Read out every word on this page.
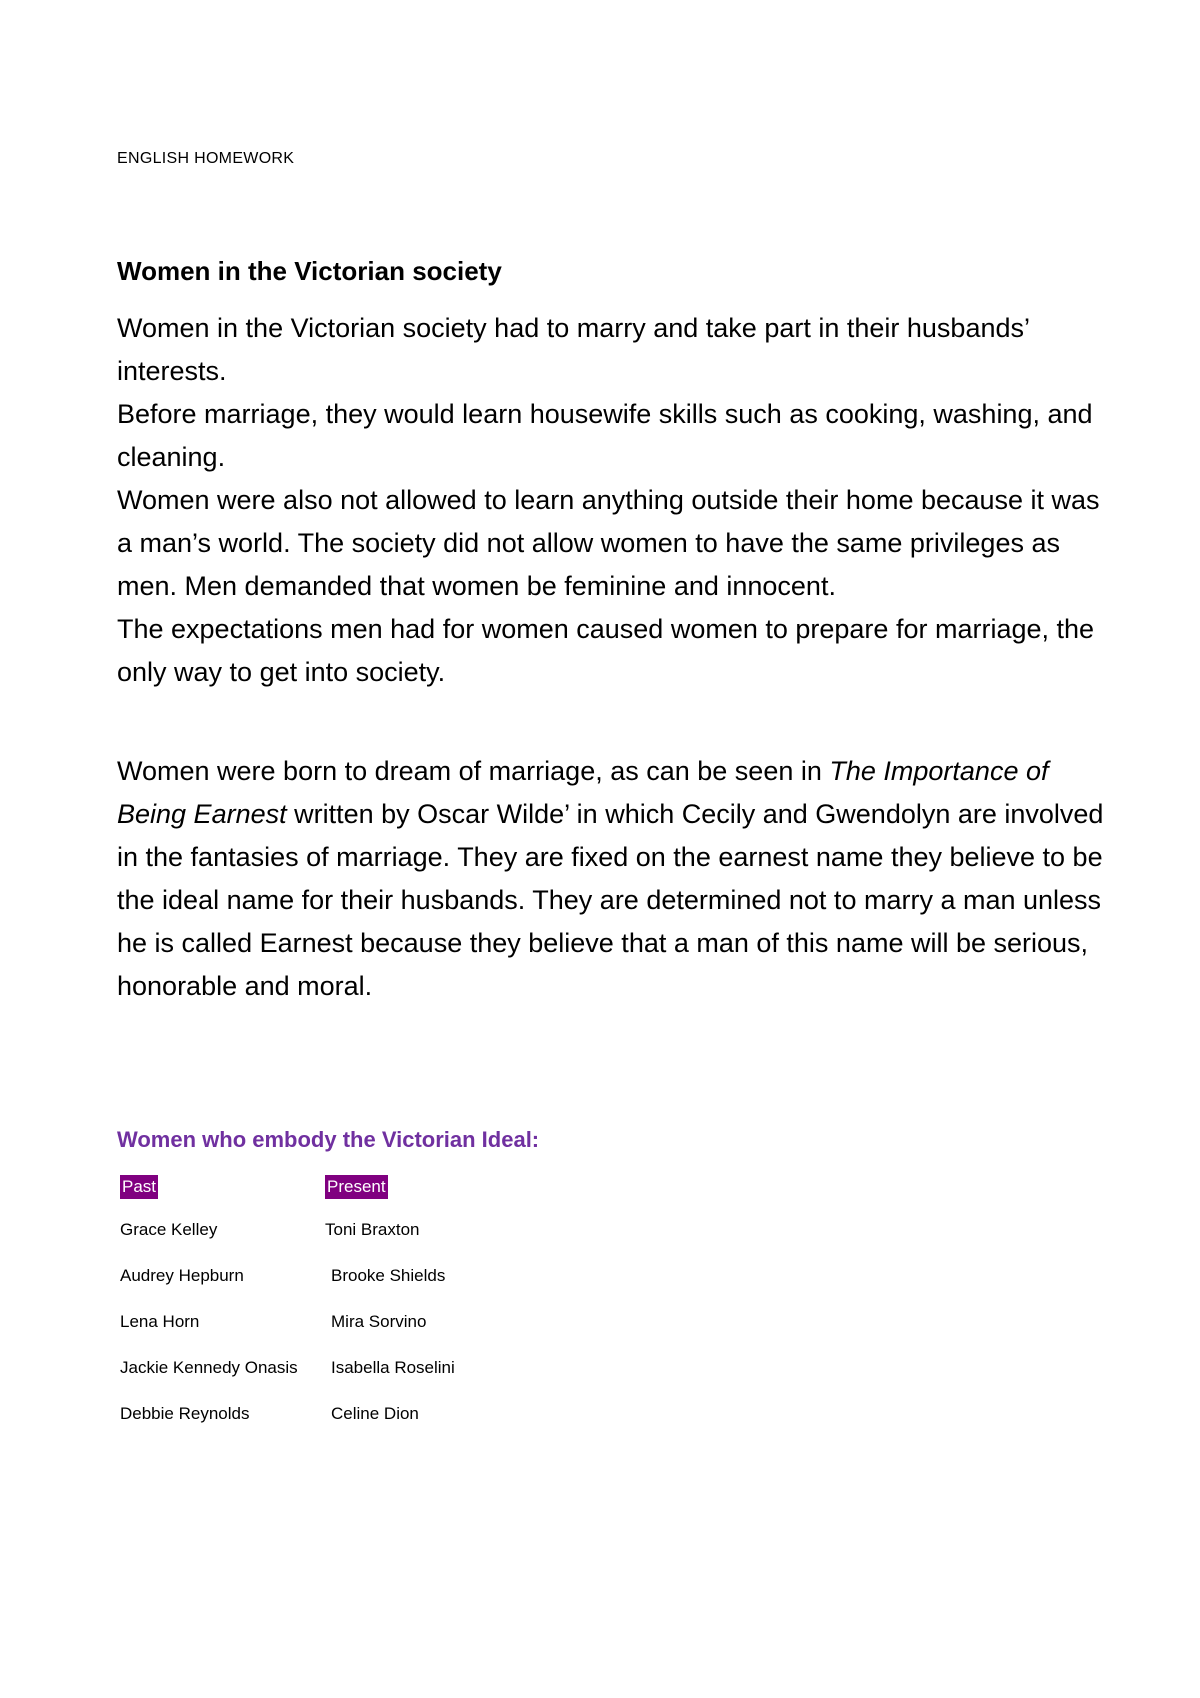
ENGLISH HOMEWORK
Women in the Victorian society

Women in the Victorian society had to marry and take part in their husbands’ interests.

Before marriage, they would learn housewife skills such as cooking, washing, and cleaning.

Women were also not allowed to learn anything outside their home because it was a man’s world. The society did not allow women to have the same privileges as men. Men demanded that women be feminine and innocent.

The expectations men had for women caused women to prepare for marriage, the only way to get into society.

Women were born to dream of marriage, as can be seen in The Importance of Being Earnest written by Oscar Wilde’ in which Cecily and Gwendolyn are involved in the fantasies of marriage. They are fixed on the earnest name they believe to be the ideal name for their husbands. They are determined not to marry a man unless he is called Earnest because they believe that a man of this name will be serious, honorable and moral.

Women who embody the Victorian Ideal:
Past	Present
Grace Kelley	Toni Braxton
Audrey Hepburn	Brooke Shields
Lena Horn	Mira Sorvino
Jackie Kennedy Onasis	Isabella Roselini
Debbie Reynolds	Celine Dion
